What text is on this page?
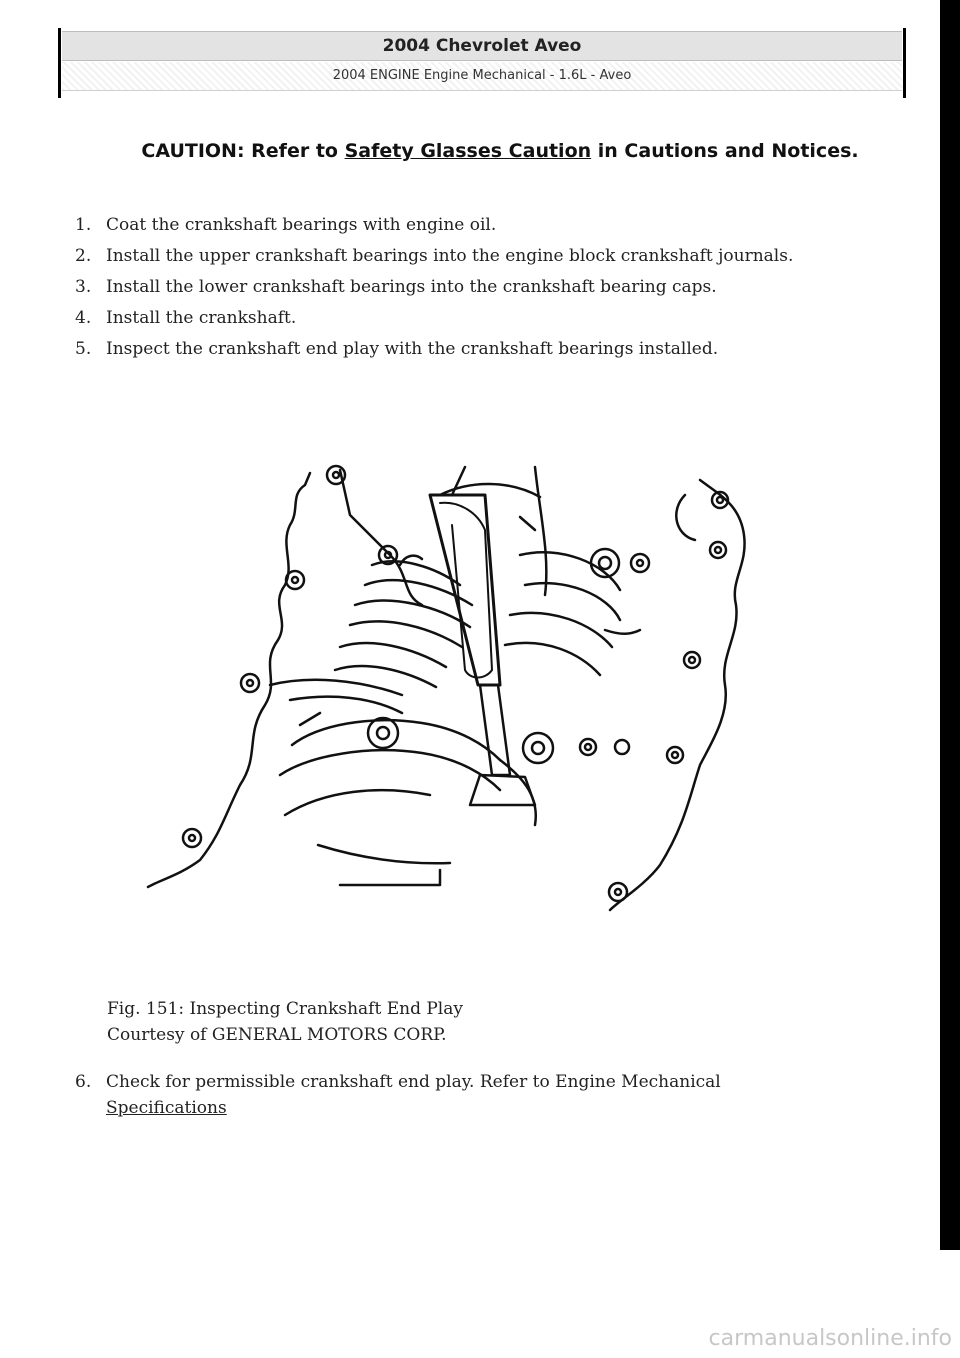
2004 Chevrolet Aveo
2004 ENGINE Engine Mechanical - 1.6L - Aveo
CAUTION: Refer to Safety Glasses Caution in Cautions and Notices.
1. Coat the crankshaft bearings with engine oil.
2. Install the upper crankshaft bearings into the engine block crankshaft journals.
3. Install the lower crankshaft bearings into the crankshaft bearing caps.
4. Install the crankshaft.
5. Inspect the crankshaft end play with the crankshaft bearings installed.
Fig. 151: Inspecting Crankshaft End Play
Courtesy of GENERAL MOTORS CORP.
6. Check for permissible crankshaft end play. Refer to Engine Mechanical
Specifications
carmanualsonline.info
